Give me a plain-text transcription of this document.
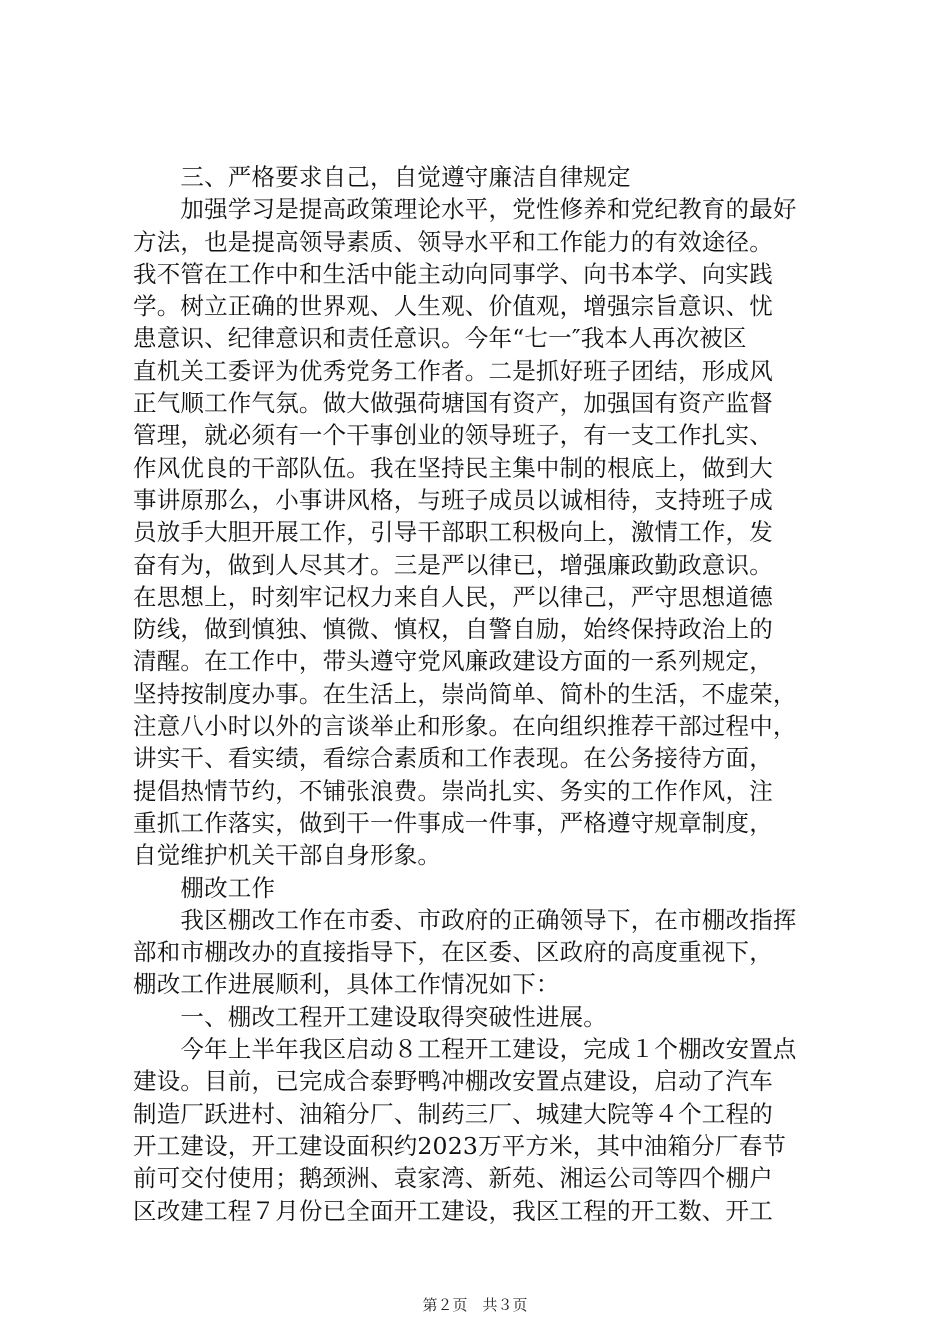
　　三、严格要求自己，自觉遵守廉洁自律规定
　　加强学习是提高政策理论水平，党性修养和党纪教育的最好
方法，也是提高领导素质、领导水平和工作能力的有效途径。
我不管在工作中和生活中能主动向同事学、向书本学、向实践
学。树立正确的世界观、人生观、价值观，增强宗旨意识、忧
患意识、纪律意识和责任意识。今年“七一″我本人再次被区
直机关工委评为优秀党务工作者。二是抓好班子团结，形成风
正气顺工作气氛。做大做强荷塘国有资产，加强国有资产监督
管理，就必须有一个干事创业的领导班子，有一支工作扎实、
作风优良的干部队伍。我在坚持民主集中制的根底上，做到大
事讲原那么，小事讲风格，与班子成员以诚相待，支持班子成
员放手大胆开展工作，引导干部职工积极向上，激情工作，发
奋有为，做到人尽其才。三是严以律已，增强廉政勤政意识。
在思想上，时刻牢记权力来自人民，严以律己，严守思想道德
防线，做到慎独、慎微、慎权，自警自励，始终保持政治上的
清醒。在工作中，带头遵守党风廉政建设方面的一系列规定，
坚持按制度办事。在生活上，崇尚简单、简朴的生活，不虚荣，
注意八小时以外的言谈举止和形象。在向组织推荐干部过程中，
讲实干、看实绩，看综合素质和工作表现。在公务接待方面，
提倡热情节约，不铺张浪费。崇尚扎实、务实的工作作风，注
重抓工作落实，做到干一件事成一件事，严格遵守规章制度，
自觉维护机关干部自身形象。
　　棚改工作
　　我区棚改工作在市委、市政府的正确领导下，在市棚改指挥
部和市棚改办的直接指导下，在区委、区政府的高度重视下，
棚改工作进展顺利，具体工作情况如下：
　　一、棚改工程开工建设取得突破性进展。
　　今年上半年我区启动８工程开工建设，完成１个棚改安置点
建设。目前，已完成合泰野鸭冲棚改安置点建设，启动了汽车
制造厂跃进村、油箱分厂、制药三厂、城建大院等４个工程的
开工建设，开工建设面积约2023万平方米，其中油箱分厂春节
前可交付使用；鹅颈洲、袁家湾、新苑、湘运公司等四个棚户
区改建工程７月份已全面开工建设，我区工程的开工数、开工
第２页　共３页
